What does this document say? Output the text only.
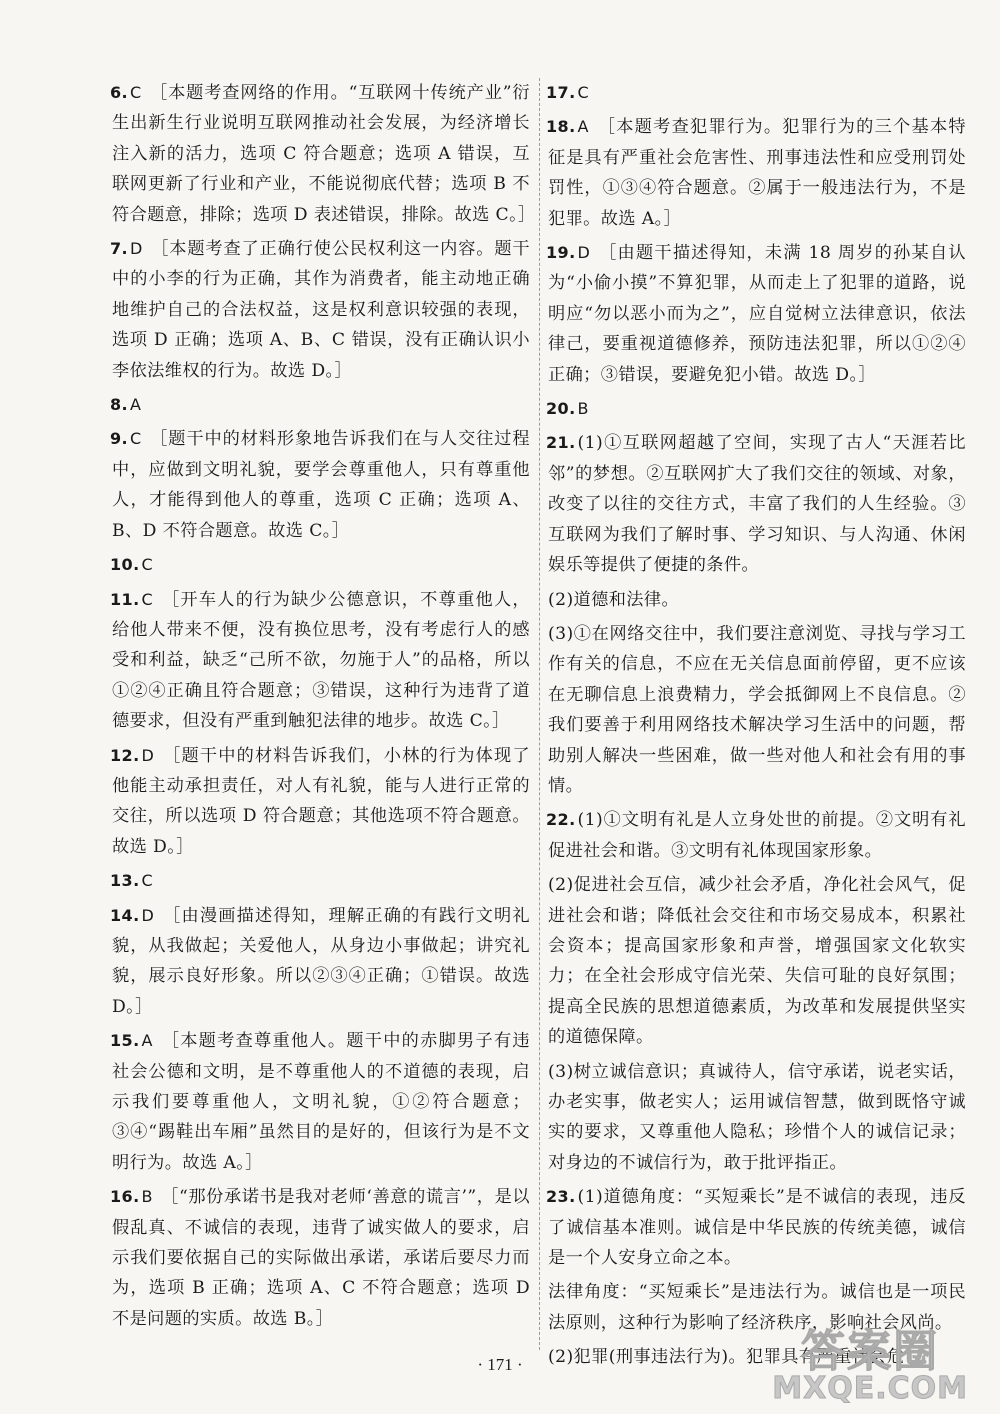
6. C ［本题考查网络的作用。“互联网十传统产业”衍生出新生行业说明互联网推动社会发展，为经济增长注入新的活力，选项 C 符合题意；选项 A 错误，互联网更新了行业和产业，不能说彻底代替；选项 B 不符合题意，排除；选项 D 表述错误，排除。故选 C。］
7. D ［本题考查了正确行使公民权利这一内容。题干中的小李的行为正确，其作为消费者，能主动地正确地维护自己的合法权益，这是权利意识较强的表现，选项 D 正确；选项 A、B、C 错误，没有正确认识小李依法维权的行为。故选 D。］
8. A
9. C ［题干中的材料形象地告诉我们在与人交往过程中，应做到文明礼貌，要学会尊重他人，只有尊重他人，才能得到他人的尊重，选项 C 正确；选项 A、B、D 不符合题意。故选 C。］
10. C
11. C ［开车人的行为缺少公德意识，不尊重他人，给他人带来不便，没有换位思考，没有考虑行人的感受和利益，缺乏“己所不欲，勿施于人”的品格，所以①②④正确且符合题意；③错误，这种行为违背了道德要求，但没有严重到触犯法律的地步。故选 C。］
12. D ［题干中的材料告诉我们，小林的行为体现了他能主动承担责任，对人有礼貌，能与人进行正常的交往，所以选项 D 符合题意；其他选项不符合题意。故选 D。］
13. C
14. D ［由漫画描述得知，理解正确的有践行文明礼貌，从我做起；关爱他人，从身边小事做起；讲究礼貌，展示良好形象。所以②③④正确；①错误。故选 D。］
15. A ［本题考查尊重他人。题干中的赤脚男子有违社会公德和文明，是不尊重他人的不道德的表现，启示我们要尊重他人，文明礼貌，①②符合题意；③④“踢鞋出车厢”虽然目的是好的，但该行为是不文明行为。故选 A。］
16. B ［“那份承诺书是我对老师‘善意的谎言’”，是以假乱真、不诚信的表现，违背了诚实做人的要求，启示我们要依据自己的实际做出承诺，承诺后要尽力而为，选项 B 正确；选项 A、C 不符合题意；选项 D 不是问题的实质。故选 B。］
17. C
18. A ［本题考查犯罪行为。犯罪行为的三个基本特征是具有严重社会危害性、刑事违法性和应受刑罚处罚性，①③④符合题意。②属于一般违法行为，不是犯罪。故选 A。］
19. D ［由题干描述得知，未满 18 周岁的孙某自认为“小偷小摸”不算犯罪，从而走上了犯罪的道路，说明应“勿以恶小而为之”，应自觉树立法律意识，依法律己，要重视道德修养，预防违法犯罪，所以①②④正确；③错误，要避免犯小错。故选 D。］
20. B
21. (1)①互联网超越了空间，实现了古人“天涯若比邻”的梦想。②互联网扩大了我们交往的领域、对象，改变了以往的交往方式，丰富了我们的人生经验。③互联网为我们了解时事、学习知识、与人沟通、休闲娱乐等提供了便捷的条件。
(2)道德和法律。
(3)①在网络交往中，我们要注意浏览、寻找与学习工作有关的信息，不应在无关信息面前停留，更不应该在无聊信息上浪费精力，学会抵御网上不良信息。②我们要善于利用网络技术解决学习生活中的问题，帮助别人解决一些困难，做一些对他人和社会有用的事情。
22. (1)①文明有礼是人立身处世的前提。②文明有礼促进社会和谐。③文明有礼体现国家形象。
(2)促进社会互信，减少社会矛盾，净化社会风气，促进社会和谐；降低社会交往和市场交易成本，积累社会资本；提高国家形象和声誉，增强国家文化软实力；在全社会形成守信光荣、失信可耻的良好氛围；提高全民族的思想道德素质，为改革和发展提供坚实的道德保障。
(3)树立诚信意识；真诚待人，信守承诺，说老实话，办老实事，做老实人；运用诚信智慧，做到既恪守诚实的要求，又尊重他人隐私；珍惜个人的诚信记录；对身边的不诚信行为，敢于批评指正。
23. (1)道德角度：“买短乘长”是不诚信的表现，违反了诚信基本准则。诚信是中华民族的传统美德，诚信是一个人安身立命之本。
法律角度：“买短乘长”是违法行为。诚信也是一项民法原则，这种行为影响了经济秩序，影响社会风尚。
(2)犯罪(刑事违法行为)。犯罪具有严重社会危
· 171 ·	答案圈
MXQE.COM
